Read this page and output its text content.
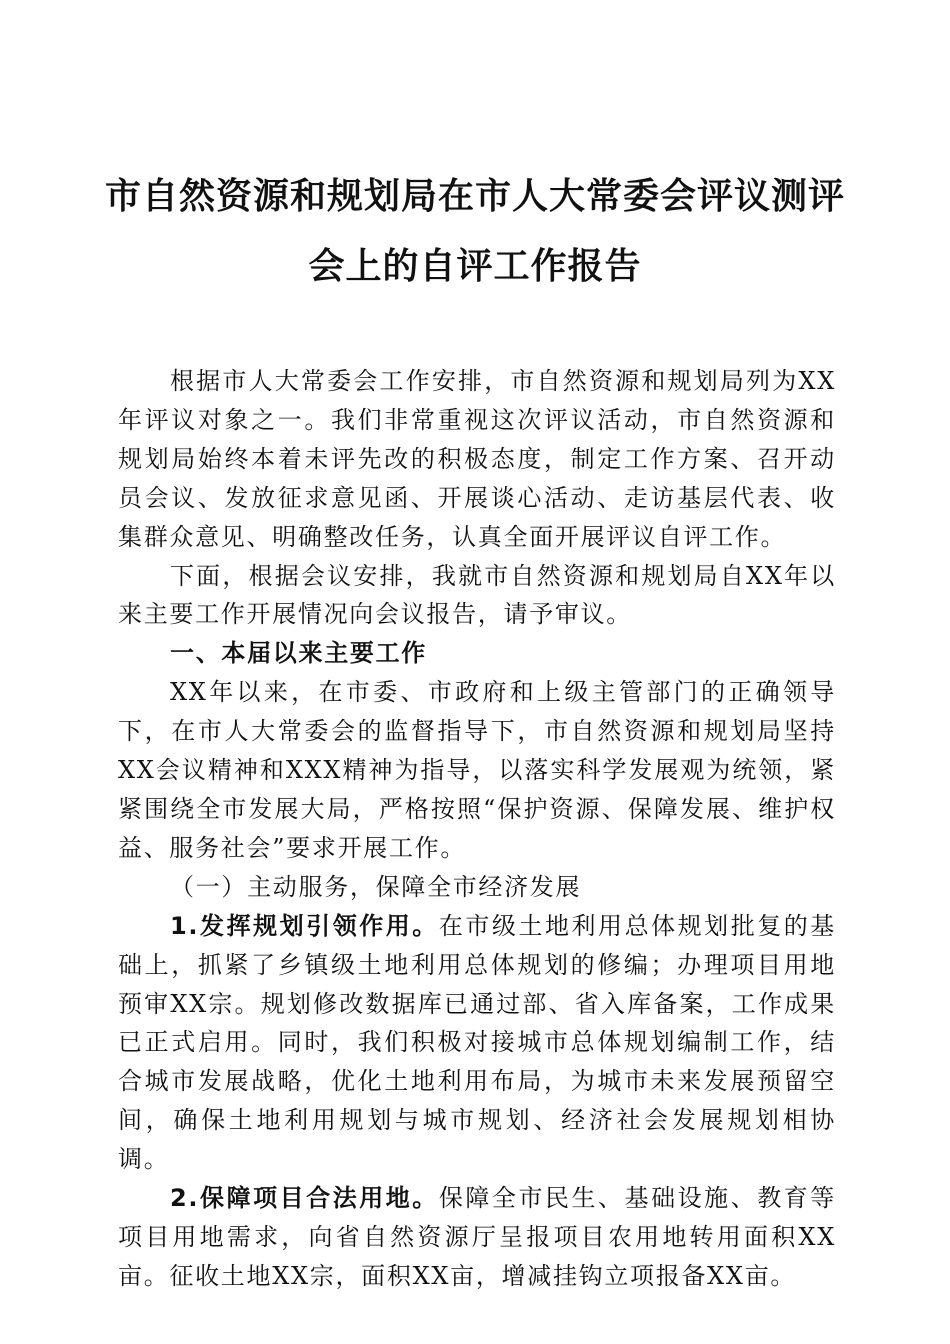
市自然资源和规划局在市人大常委会评议测评
会上的自评工作报告

根据市人大常委会工作安排，市自然资源和规划局列为XX年评议对象之一。我们非常重视这次评议活动，市自然资源和规划局始终本着未评先改的积极态度，制定工作方案、召开动员会议、发放征求意见函、开展谈心活动、走访基层代表、收集群众意见、明确整改任务，认真全面开展评议自评工作。

下面，根据会议安排，我就市自然资源和规划局自XX年以来主要工作开展情况向会议报告，请予审议。

一、本届以来主要工作

XX年以来，在市委、市政府和上级主管部门的正确领导下，在市人大常委会的监督指导下，市自然资源和规划局坚持XX会议精神和XXX精神为指导，以落实科学发展观为统领，紧紧围绕全市发展大局，严格按照“保护资源、保障发展、维护权益、服务社会”要求开展工作。

（一）主动服务，保障全市经济发展

1.发挥规划引领作用。在市级土地利用总体规划批复的基础上，抓紧了乡镇级土地利用总体规划的修编；办理项目用地预审XX宗。规划修改数据库已通过部、省入库备案，工作成果已正式启用。同时，我们积极对接城市总体规划编制工作，结合城市发展战略，优化土地利用布局，为城市未来发展预留空间，确保土地利用规划与城市规划、经济社会发展规划相协调。

2.保障项目合法用地。保障全市民生、基础设施、教育等项目用地需求，向省自然资源厅呈报项目农用地转用面积XX亩。征收土地XX宗，面积XX亩，增减挂钩立项报备XX亩。
